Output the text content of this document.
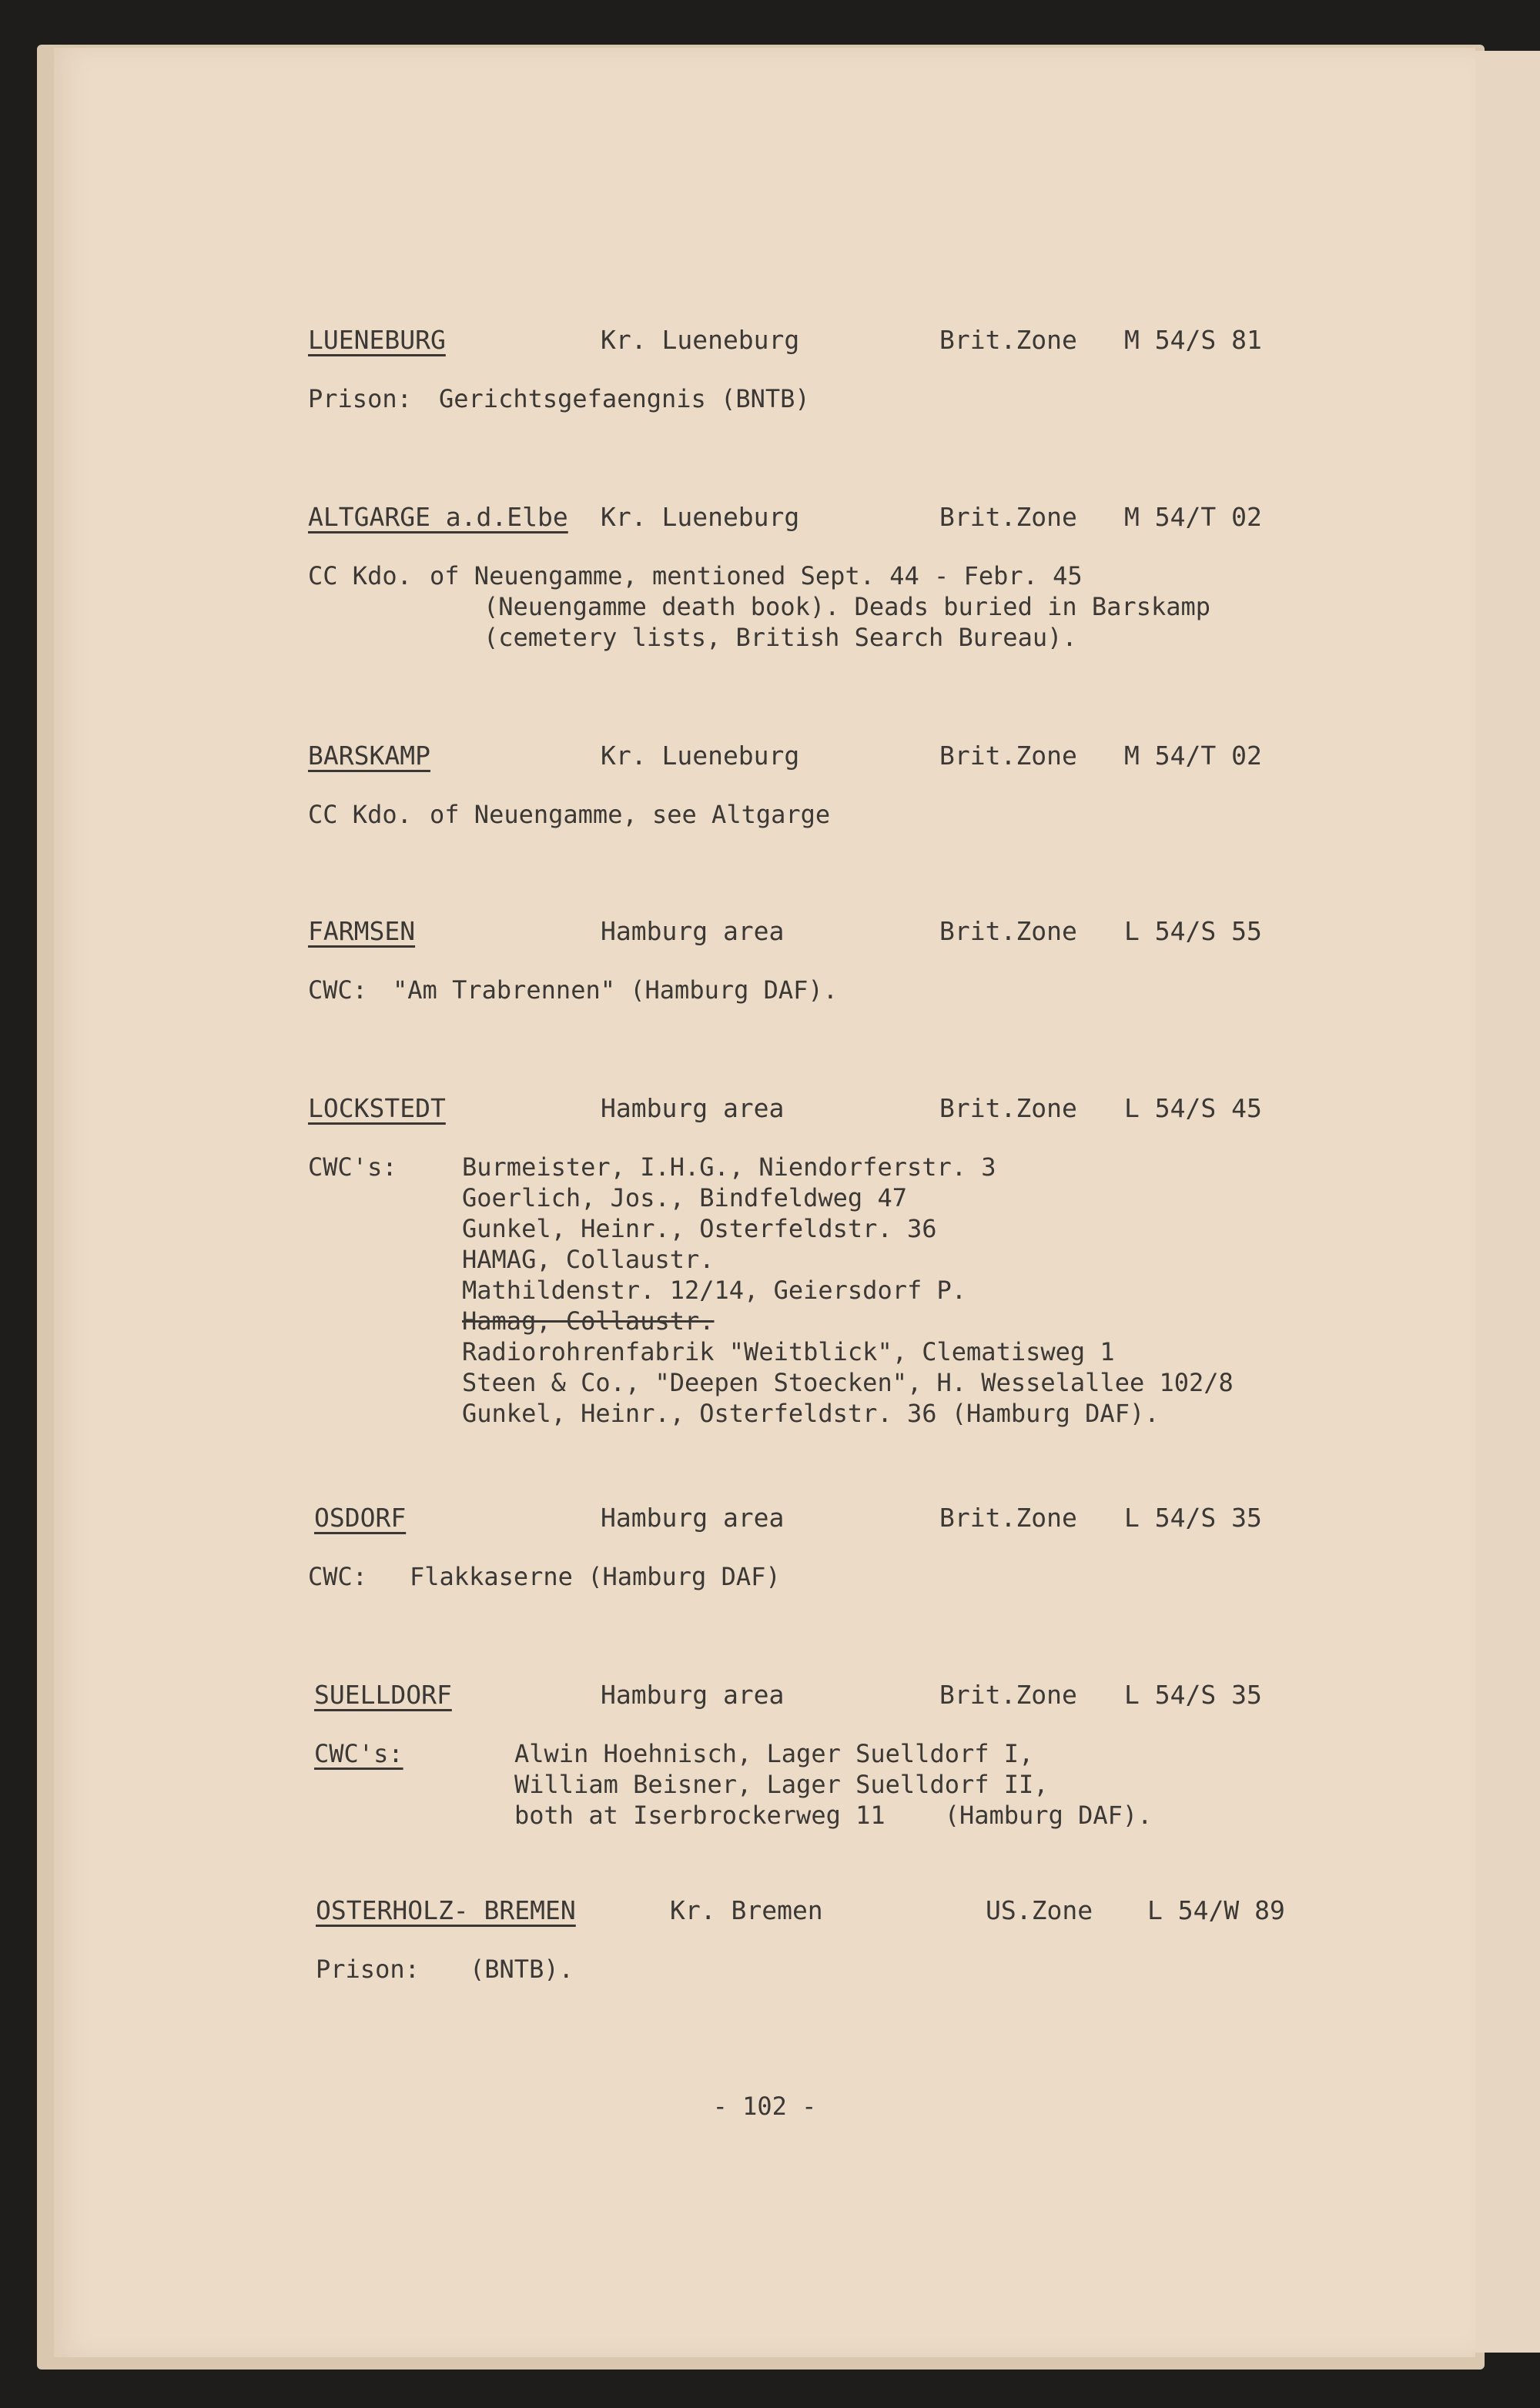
LUENEBURG	Kr. Lueneburg	Brit.Zone M 54/S 81
Prison: Gerichtsgefaengnis (BNTB)
ALTGARGE a.d.Elbe Kr. Lueneburg	Brit.Zone M 54/T 02
CC Kdo. of Neuengamme, mentioned Sept. 44 - Febr. 45
(Neuengamme death book). Deads buried in Barskamp
(cemetery lists, British Search Bureau).
BARSKAMP	Kr. Lueneburg	Brit.Zone M 54/T 02
CC Kdo. of Neuengamme, see Altgarge
FARMSEN	Hamburg area	Brit.Zone L 54/S 55
CWC: "Am Trabrennen" (Hamburg DAF).
LOCKSTEDT	Hamburg area	Brit.Zone L 54/S 45
CWC's:	Burmeister, I.H.G., Niendorferstr. 3
Goerlich, Jos., Bindfeldweg 47
Gunkel, Heinr., Osterfeldstr. 36
HAMAG, Collaustr.
Mathildenstr. 12/14, Geiersdorf P.
Hamag, Collaustr.
Radiorohrenfabrik "Weitblick", Clematisweg 1
Steen & Co., "Deepen Stoecken", H. Wesselallee 102/8
Gunkel, Heinr., Osterfeldstr. 36 (Hamburg DAF).
OSDORF	Hamburg area	Brit.Zone L 54/S 35
CWC: Flakkaserne (Hamburg DAF)
SUELLDORF	Hamburg area	Brit.Zone L 54/S 35
CWC's:	Alwin Hoehnisch, Lager Suelldorf I,
William Beisner, Lager Suelldorf II,
both at Iserbrockerweg 11    (Hamburg DAF).
OSTERHOLZ- BREMEN	Kr. Bremen	US.Zone L 54/W 89
Prison: (BNTB).
- 102 -
